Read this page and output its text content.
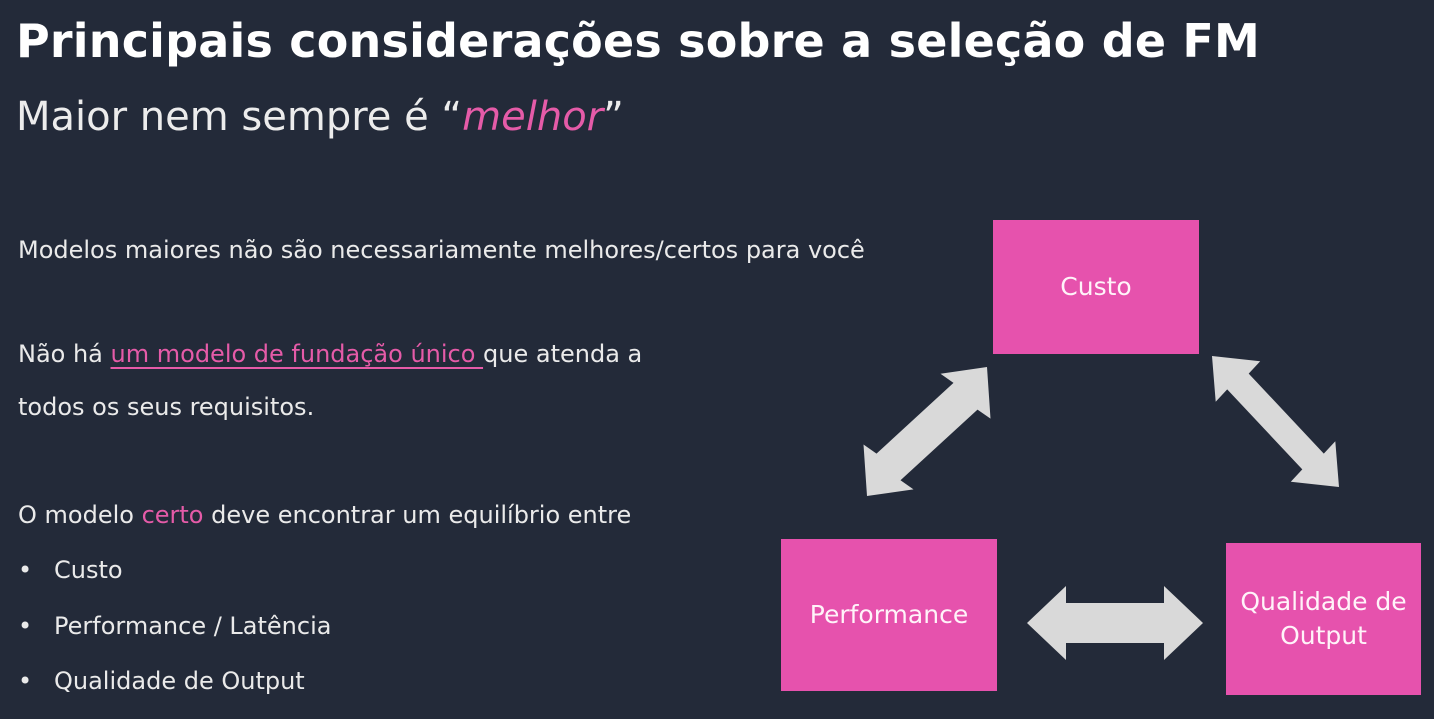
Principais considerações sobre a seleção de FM
Maior nem sempre é “melhor”
Modelos maiores não são necessariamente melhores/certos para você
Não há um modelo de fundação único que atenda a
todos os seus requisitos.
O modelo certo deve encontrar um equilíbrio entre
• Custo
• Performance / Latência
• Qualidade de Output
Custo
Performance	Qualidade de
Output
